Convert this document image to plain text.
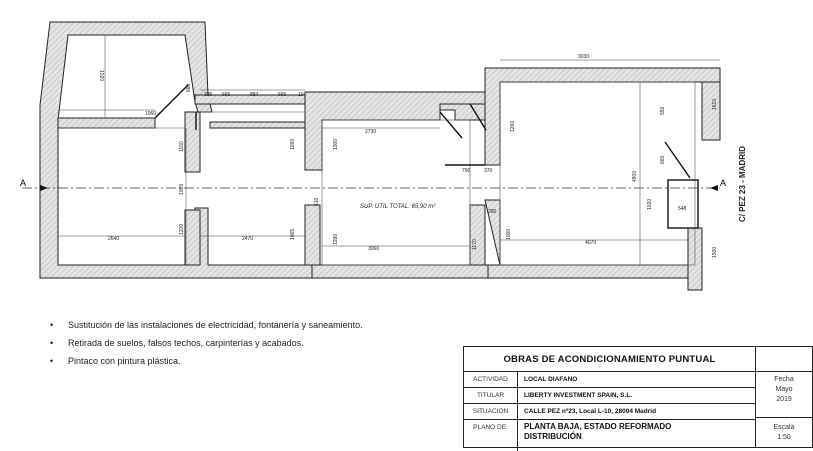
A	A
1020
1060
880
326 665	884	665 10
1260	1300
2730
3030
1610
550
790	370	4800
1065
1160
1200
1260
2640	2470	1065
610
3060
1280
290
1170
1000
4070
548
1500
660
1020
SUP. UTIL TOTAL: 65,90 m²	C/ PEZ 23 - MADRID
• Sustitución de las instalaciones de electricidad, fontanería y saneamiento.
• Retirada de suelos, falsos techos, carpinterías y acabados.
• Pintaco con pintura plástica.	OBRAS DE ACONDICIONAMIENTO PUNTUAL
ACTIVIDAD	LOCAL DIAFANO
TITULAR	LIBERTY INVESTMENT SPAIN, S.L.
SITUACION	CALLE PEZ nº23, Local L-10, 28004 Madrid
PLANO DE:	PLANTA BAJA, ESTADO REFORMADO
DISTRIBUCIÓN
Fecha
Mayo
2019
Escala
1:50
